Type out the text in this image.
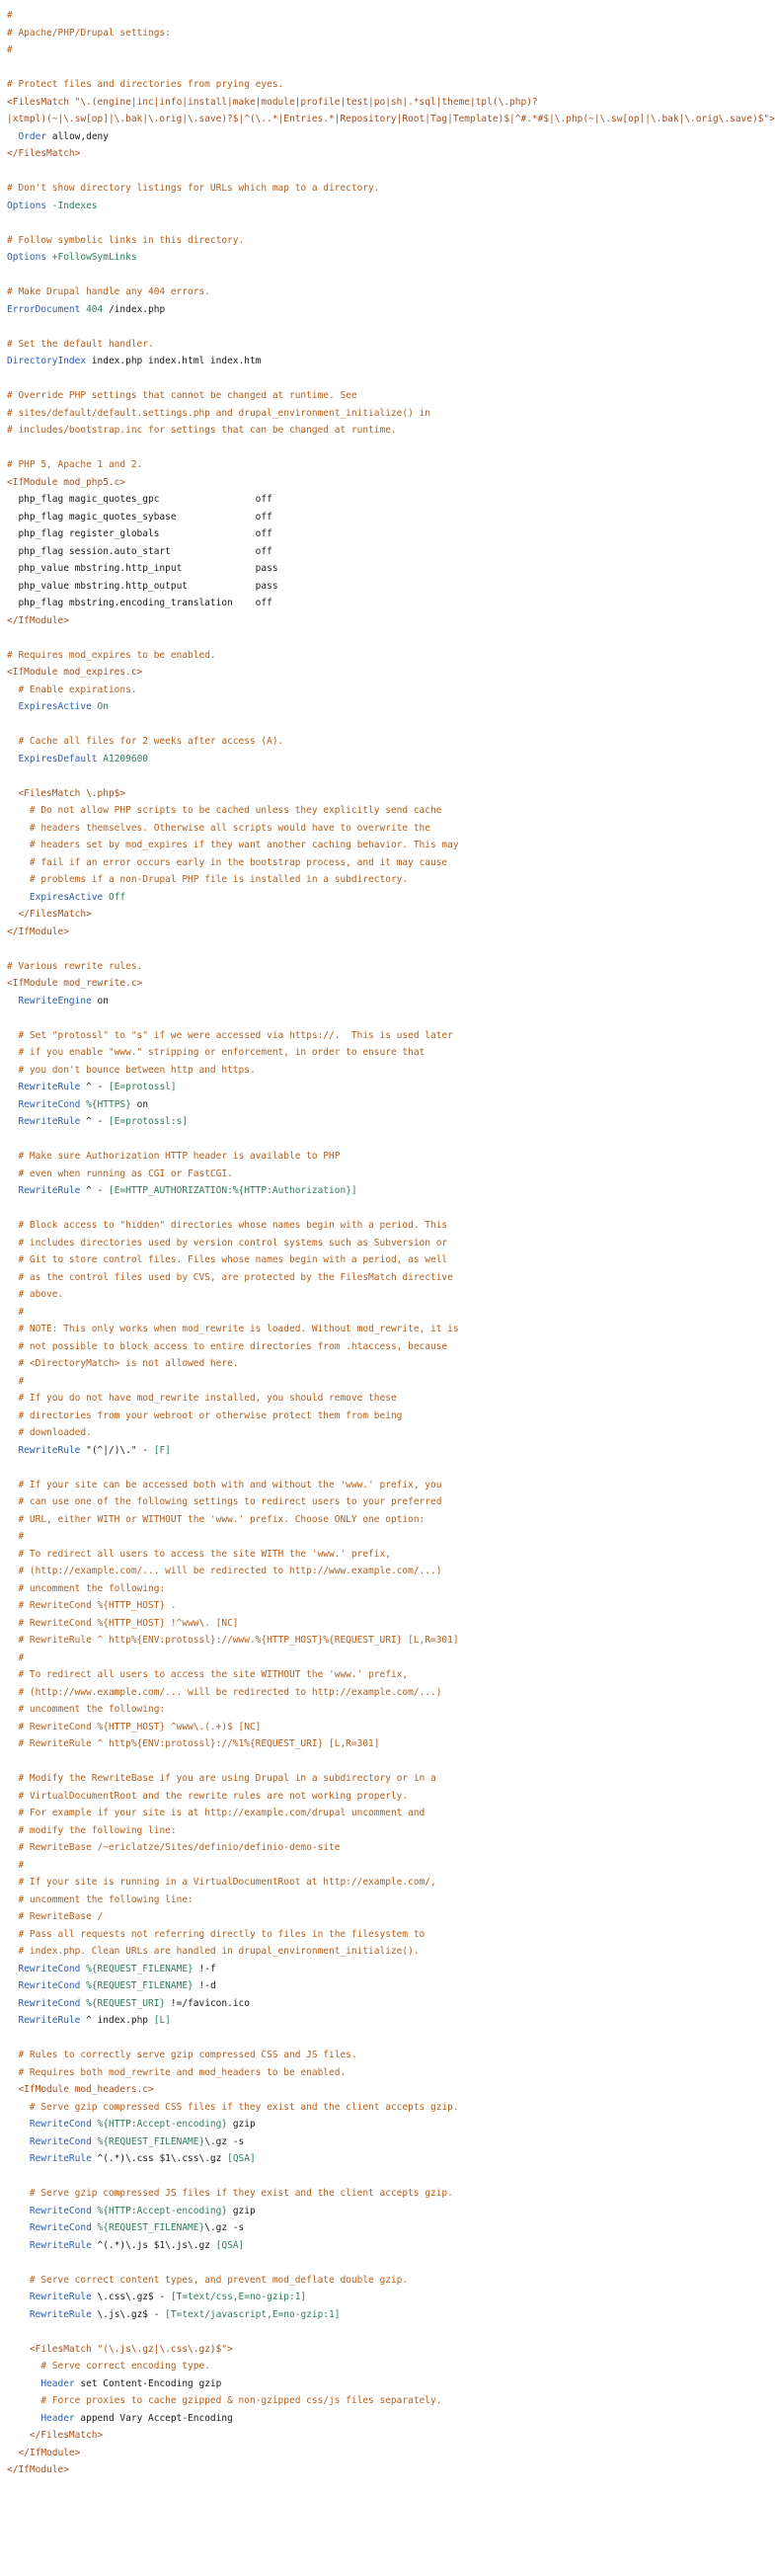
#
# Apache/PHP/Drupal settings:
#
# Protect files and directories from prying eyes.
<FilesMatch "\.(engine|inc|info|install|make|module|profile|test|po|sh|.*sql|theme|tpl(\.php)?
|xtmpl)(~|\.sw[op]|\.bak|\.orig|\.save)?$|^(\..*|Entries.*|Repository|Root|Tag|Template)$|^#.*#$|\.php(~|\.sw[op]|\.bak|\.orig\.save)$">
Order allow,deny
</FilesMatch>
# Don't show directory listings for URLs which map to a directory.
Options -Indexes
# Follow symbolic links in this directory.
Options +FollowSymLinks
# Make Drupal handle any 404 errors.
ErrorDocument 404 /index.php
# Set the default handler.
DirectoryIndex index.php index.html index.htm
# Override PHP settings that cannot be changed at runtime. See
# sites/default/default.settings.php and drupal_environment_initialize() in
# includes/bootstrap.inc for settings that can be changed at runtime.
# PHP 5, Apache 1 and 2.
<IfModule mod_php5.c>
php_flag magic_quotes_gpc                 off
php_flag magic_quotes_sybase              off
php_flag register_globals                 off
php_flag session.auto_start               off
php_value mbstring.http_input             pass
php_value mbstring.http_output            pass
php_flag mbstring.encoding_translation    off
</IfModule>
# Requires mod_expires to be enabled.
<IfModule mod_expires.c>
# Enable expirations.
ExpiresActive On
# Cache all files for 2 weeks after access (A).
ExpiresDefault A1209600
<FilesMatch \.php$>
# Do not allow PHP scripts to be cached unless they explicitly send cache
# headers themselves. Otherwise all scripts would have to overwrite the
# headers set by mod_expires if they want another caching behavior. This may
# fail if an error occurs early in the bootstrap process, and it may cause
# problems if a non-Drupal PHP file is installed in a subdirectory.
ExpiresActive Off
</FilesMatch>
</IfModule>
# Various rewrite rules.
<IfModule mod_rewrite.c>
RewriteEngine on
# Set "protossl" to "s" if we were accessed via https://.  This is used later
# if you enable "www." stripping or enforcement, in order to ensure that
# you don't bounce between http and https.
RewriteRule ^ - [E=protossl]
RewriteCond %{HTTPS} on
RewriteRule ^ - [E=protossl:s]
# Make sure Authorization HTTP header is available to PHP
# even when running as CGI or FastCGI.
RewriteRule ^ - [E=HTTP_AUTHORIZATION:%{HTTP:Authorization}]
# Block access to "hidden" directories whose names begin with a period. This
# includes directories used by version control systems such as Subversion or
# Git to store control files. Files whose names begin with a period, as well
# as the control files used by CVS, are protected by the FilesMatch directive
# above.
#
# NOTE: This only works when mod_rewrite is loaded. Without mod_rewrite, it is
# not possible to block access to entire directories from .htaccess, because
# <DirectoryMatch> is not allowed here.
#
# If you do not have mod_rewrite installed, you should remove these
# directories from your webroot or otherwise protect them from being
# downloaded.
RewriteRule "(^|/)\." - [F]
# If your site can be accessed both with and without the 'www.' prefix, you
# can use one of the following settings to redirect users to your preferred
# URL, either WITH or WITHOUT the 'www.' prefix. Choose ONLY one option:
#
# To redirect all users to access the site WITH the 'www.' prefix,
# (http://example.com/... will be redirected to http://www.example.com/...)
# uncomment the following:
# RewriteCond %{HTTP_HOST} .
# RewriteCond %{HTTP_HOST} !^www\. [NC]
# RewriteRule ^ http%{ENV:protossl}://www.%{HTTP_HOST}%{REQUEST_URI} [L,R=301]
#
# To redirect all users to access the site WITHOUT the 'www.' prefix,
# (http://www.example.com/... will be redirected to http://example.com/...)
# uncomment the following:
# RewriteCond %{HTTP_HOST} ^www\.(.+)$ [NC]
# RewriteRule ^ http%{ENV:protossl}://%1%{REQUEST_URI} [L,R=301]
# Modify the RewriteBase if you are using Drupal in a subdirectory or in a
# VirtualDocumentRoot and the rewrite rules are not working properly.
# For example if your site is at http://example.com/drupal uncomment and
# modify the following line:
# RewriteBase /~ericlatze/Sites/definio/definio-demo-site
#
# If your site is running in a VirtualDocumentRoot at http://example.com/,
# uncomment the following line:
# RewriteBase /
# Pass all requests not referring directly to files in the filesystem to
# index.php. Clean URLs are handled in drupal_environment_initialize().
RewriteCond %{REQUEST_FILENAME} !-f
RewriteCond %{REQUEST_FILENAME} !-d
RewriteCond %{REQUEST_URI} !=/favicon.ico
RewriteRule ^ index.php [L]
# Rules to correctly serve gzip compressed CSS and JS files.
# Requires both mod_rewrite and mod_headers to be enabled.
<IfModule mod_headers.c>
# Serve gzip compressed CSS files if they exist and the client accepts gzip.
RewriteCond %{HTTP:Accept-encoding} gzip
RewriteCond %{REQUEST_FILENAME}\.gz -s
RewriteRule ^(.*)\.css $1\.css\.gz [QSA]
# Serve gzip compressed JS files if they exist and the client accepts gzip.
RewriteCond %{HTTP:Accept-encoding} gzip
RewriteCond %{REQUEST_FILENAME}\.gz -s
RewriteRule ^(.*)\.js $1\.js\.gz [QSA]
# Serve correct content types, and prevent mod_deflate double gzip.
RewriteRule \.css\.gz$ - [T=text/css,E=no-gzip:1]
RewriteRule \.js\.gz$ - [T=text/javascript,E=no-gzip:1]
<FilesMatch "(\.js\.gz|\.css\.gz)$">
# Serve correct encoding type.
Header set Content-Encoding gzip
# Force proxies to cache gzipped & non-gzipped css/js files separately.
Header append Vary Accept-Encoding
</FilesMatch>
</IfModule>
</IfModule>
